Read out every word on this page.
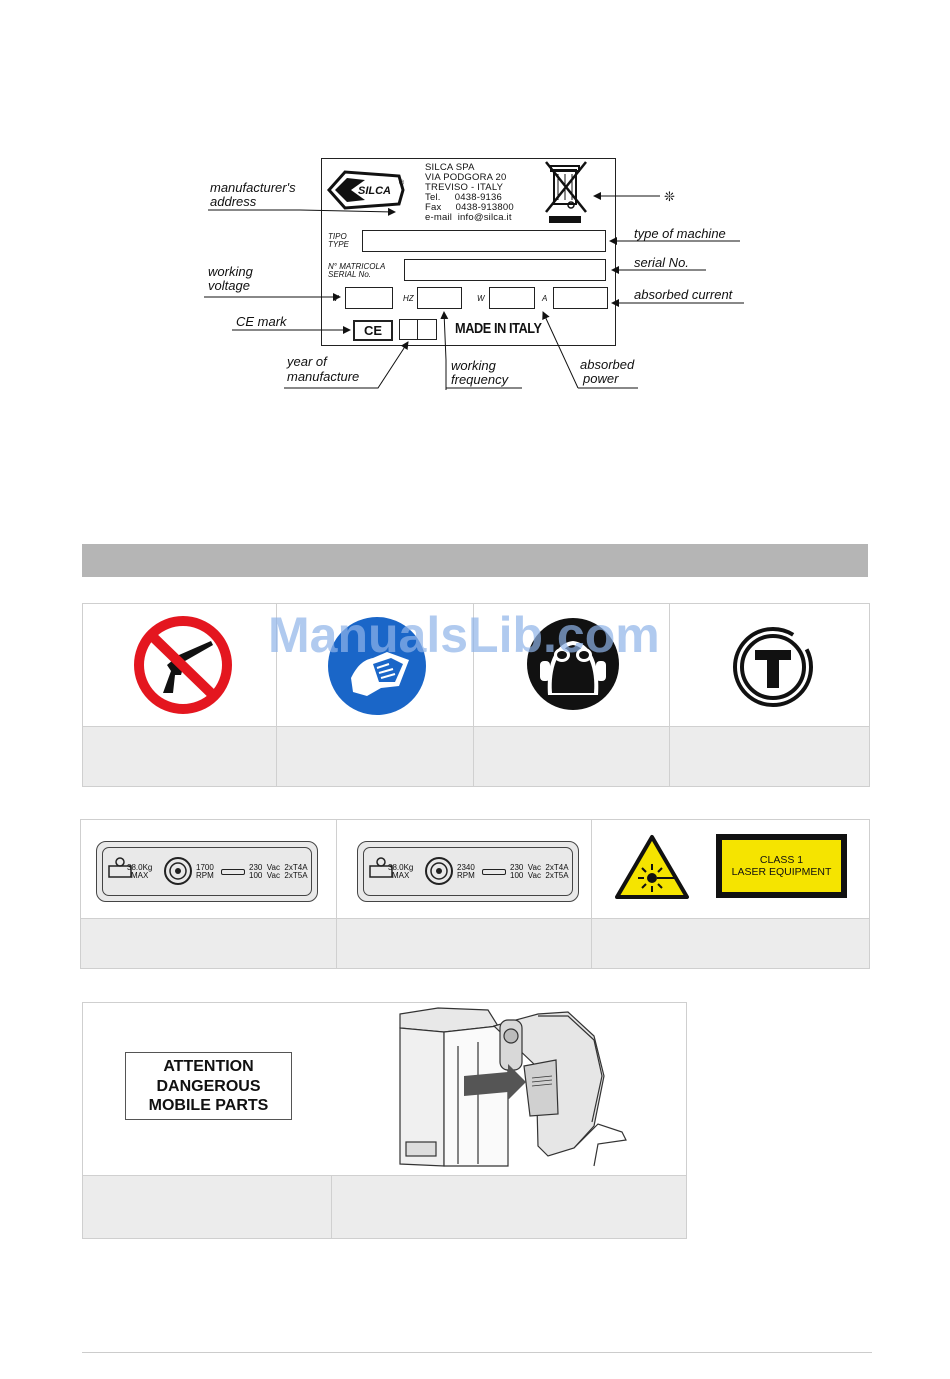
SILCA
®
SILCA SPA
VIA PODGORA 20
TREVISO - ITALY
Tel.     0438-9136
Fax     0438-913800
e-mail  info@silca.it
TIPO
TYPE
N° MATRICOLA
SERIAL No.
V	HZ	W	A
CE	MADE IN ITALY
manufacturer's
address
working
voltage
CE mark
year of
manufacture
working
frequency
absorbed
power
type of machine
serial No.
absorbed current
❊
ManualsLib.com
38.0Kg
MAX
1700
RPM
230  Vac  2xT4A
100  Vac  2xT5A
38.0Kg
MAX
2340
RPM
230  Vac  2xT4A
100  Vac  2xT5A
CLASS 1
LASER EQUIPMENT
ATTENTION
DANGEROUS
MOBILE PARTS
